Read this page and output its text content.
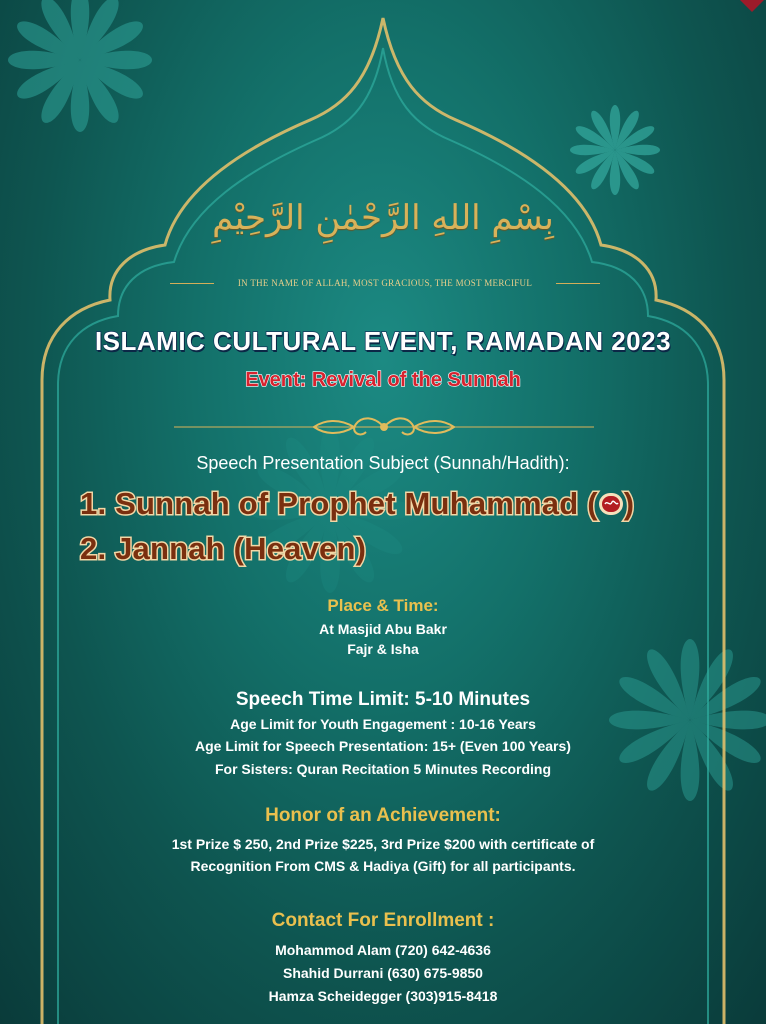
بِسْمِ اللهِ الرَّحْمٰنِ الرَّحِيْمِ
IN THE NAME OF ALLAH, MOST GRACIOUS, THE MOST MERCIFUL
ISLAMIC CULTURAL EVENT, RAMADAN 2023
Event: Revival of the Sunnah
Speech Presentation Subject (Sunnah/Hadith):
1. Sunnah of Prophet Muhammad ( )
2. Jannah (Heaven)
Place & Time:
At Masjid Abu Bakr
Fajr & Isha
Speech Time Limit: 5-10 Minutes
Age Limit for Youth Engagement : 10-16 Years
Age Limit for Speech Presentation: 15+ (Even 100 Years)
For Sisters: Quran Recitation 5 Minutes Recording
Honor of an Achievement:
1st Prize $ 250, 2nd Prize $225, 3rd Prize $200 with certificate of
Recognition From CMS & Hadiya (Gift) for all participants.
Contact For Enrollment :
Mohammod Alam (720) 642-4636
Shahid Durrani (630) 675-9850
Hamza Scheidegger (303)915-8418
